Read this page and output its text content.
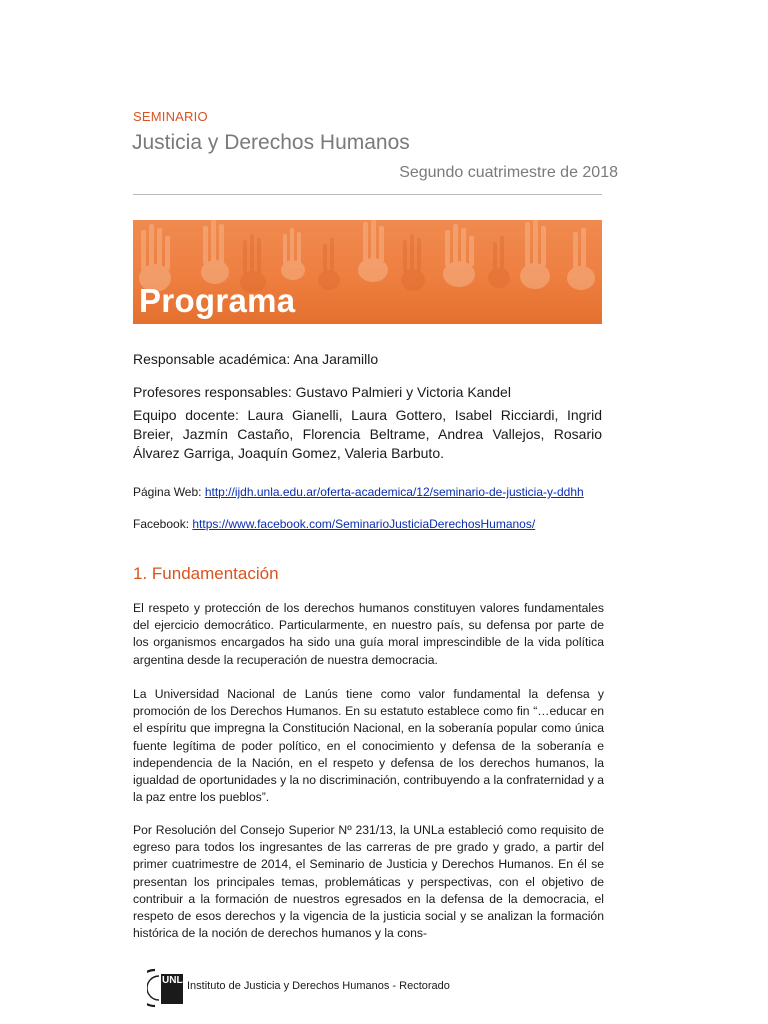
SEMINARIO
Justicia y Derechos Humanos
Segundo cuatrimestre de 2018
Programa
Responsable académica: Ana Jaramillo
Profesores responsables: Gustavo Palmieri y Victoria Kandel
Equipo docente: Laura Gianelli, Laura Gottero, Isabel Ricciardi, Ingrid Breier, Jazmín Castaño, Florencia Beltrame, Andrea Vallejos, Rosario Álvarez Garriga, Joaquín Gomez, Valeria Barbuto.
Página Web: http://ijdh.unla.edu.ar/oferta-academica/12/seminario-de-justicia-y-ddhh
Facebook: https://www.facebook.com/SeminarioJusticiaDerechosHumanos/
1. Fundamentación
El respeto y protección de los derechos humanos constituyen valores fundamentales del ejercicio democrático. Particularmente, en nuestro país, su defensa por parte de los organismos encargados ha sido una guía moral imprescindible de la vida política argentina desde la recuperación de nuestra democracia.
La Universidad Nacional de Lanús tiene como valor fundamental la defensa y promoción de los Derechos Humanos. En su estatuto establece como fin “…educar en el espíritu que impregna la Constitución Nacional, en la soberanía popular como única fuente legítima de poder político, en el conocimiento y defensa de la soberanía e independencia de la Nación, en el respeto y defensa de los derechos humanos, la igualdad de oportunidades y la no discriminación, contribuyendo a la confraternidad y a la paz entre los pueblos”.
Por Resolución del Consejo Superior Nº 231/13, la UNLa estableció como requisito de egreso para todos los ingresantes de las carreras de pre grado y grado, a partir del primer cuatrimestre de 2014, el Seminario de Justicia y Derechos Humanos. En él se presentan los principales temas, problemáticas y perspectivas, con el objetivo de contribuir a la formación de nuestros egresados en la defensa de la democracia, el respeto de esos derechos y la vigencia de la justicia social y se analizan la formación histórica de la noción de derechos humanos y la cons-
UNLa
Instituto de Justicia y Derechos Humanos - Rectorado
